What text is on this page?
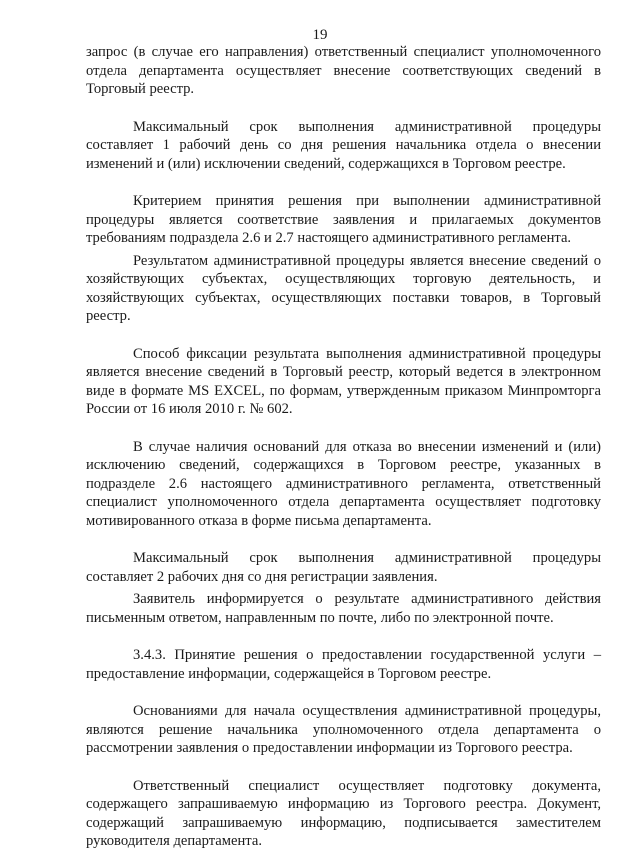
19

запрос (в случае его направления) ответственный специалист уполномоченного отдела департамента осуществляет внесение соответствующих сведений в Торговый реестр.

Максимальный срок выполнения административной процедуры составляет 1 рабочий день со дня решения начальника отдела о внесении изменений и (или) исключении сведений, содержащихся в Торговом реестре.

Критерием принятия решения при выполнении административной процедуры является соответствие заявления и прилагаемых документов требованиям подраздела 2.6 и 2.7 настоящего административного регламента.

Результатом административной процедуры является внесение сведений о хозяйствующих субъектах, осуществляющих торговую деятельность, и хозяйствующих субъектах, осуществляющих поставки товаров, в Торговый реестр.

Способ фиксации результата выполнения административной процедуры является внесение сведений в Торговый реестр, который ведется в электронном виде в формате MS EXCEL, по формам, утвержденным приказом Минпромторга России от 16 июля 2010 г. № 602.

В случае наличия оснований для отказа во внесении изменений и (или) исключению сведений, содержащихся в Торговом реестре, указанных в подразделе 2.6 настоящего административного регламента, ответственный специалист уполномоченного отдела департамента осуществляет подготовку мотивированного отказа в форме письма департамента.

Максимальный срок выполнения административной процедуры составляет 2 рабочих дня со дня регистрации заявления.

Заявитель информируется о результате административного действия письменным ответом, направленным по почте, либо по электронной почте.

3.4.3. Принятие решения о предоставлении государственной услуги – предоставление информации, содержащейся в Торговом реестре.

Основаниями для начала осуществления административной процедуры, являются решение начальника уполномоченного отдела департамента о рассмотрении заявления о предоставлении информации из Торгового реестра.

Ответственный специалист осуществляет подготовку документа, содержащего запрашиваемую информацию из Торгового реестра. Документ, содержащий запрашиваемую информацию, подписывается заместителем руководителя департамента.
